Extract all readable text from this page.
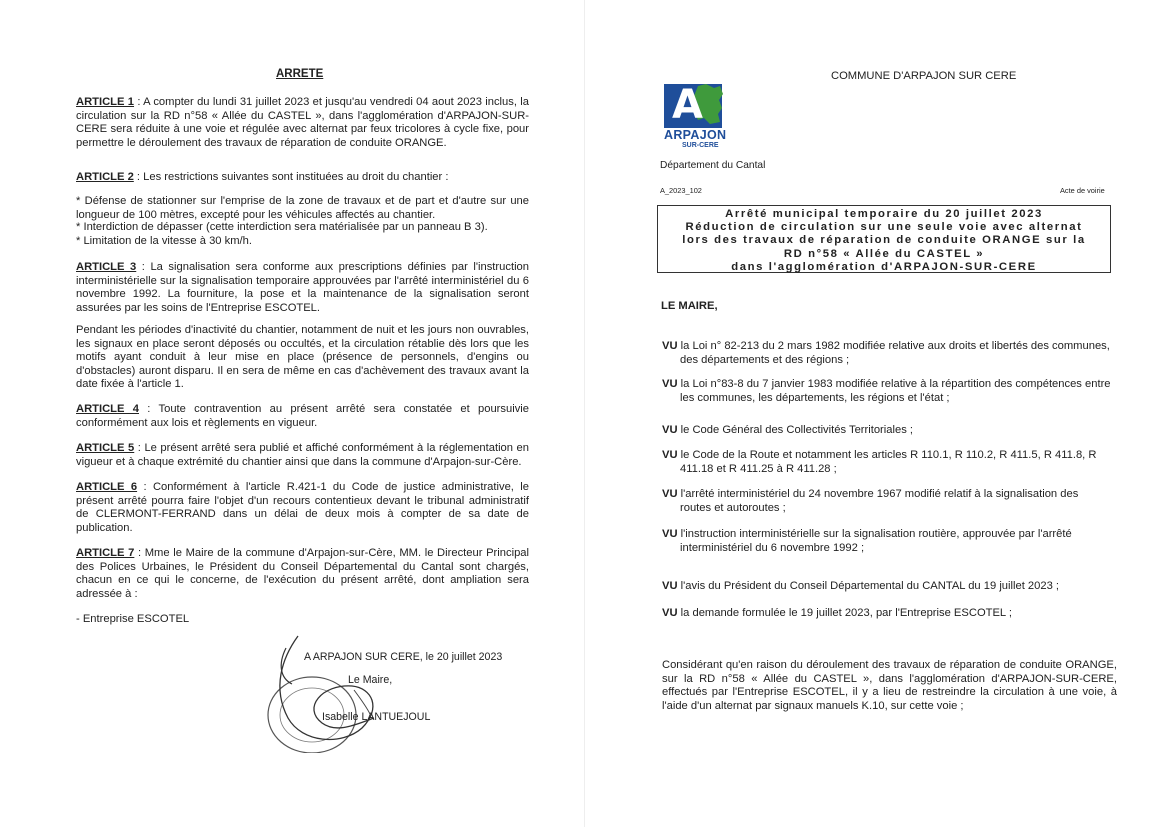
ARRETE
ARTICLE 1 : A compter du lundi 31 juillet 2023 et jusqu'au vendredi 04 aout 2023 inclus, la circulation sur la RD n°58 « Allée du CASTEL », dans l'agglomération d'ARPAJON-SUR-CERE sera réduite à une voie et régulée avec alternat par feux tricolores à cycle fixe, pour permettre le déroulement des travaux de réparation de conduite ORANGE.
ARTICLE 2 : Les restrictions suivantes sont instituées au droit du chantier :
* Défense de stationner sur l'emprise de la zone de travaux et de part et d'autre sur une longueur de 100 mètres, excepté pour les véhicules affectés au chantier.
* Interdiction de dépasser (cette interdiction sera matérialisée par un panneau B 3).
* Limitation de la vitesse à 30 km/h.
ARTICLE 3 : La signalisation sera conforme aux prescriptions définies par l'instruction interministérielle sur la signalisation temporaire approuvées par l'arrêté interministériel du 6 novembre 1992. La fourniture, la pose et la maintenance de la signalisation seront assurées par les soins de l'Entreprise ESCOTEL.
Pendant les périodes d'inactivité du chantier, notamment de nuit et les jours non ouvrables, les signaux en place seront déposés ou occultés, et la circulation rétablie dès lors que les motifs ayant conduit à leur mise en place (présence de personnels, d'engins ou d'obstacles) auront disparu. Il en sera de même en cas d'achèvement des travaux avant la date fixée à l'article 1.
ARTICLE 4 : Toute contravention au présent arrêté sera constatée et poursuivie conformément aux lois et règlements en vigueur.
ARTICLE 5 : Le présent arrêté sera publié et affiché conformément à la réglementation en vigueur et à chaque extrémité du chantier ainsi que dans la commune d'Arpajon-sur-Cère.
ARTICLE 6 : Conformément à l'article R.421-1 du Code de justice administrative, le présent arrêté pourra faire l'objet d'un recours contentieux devant le tribunal administratif de CLERMONT-FERRAND dans un délai de deux mois à compter de sa date de publication.
ARTICLE 7 : Mme le Maire de la commune d'Arpajon-sur-Cère, MM. le Directeur Principal des Polices Urbaines, le Président du Conseil Départemental du Cantal sont chargés, chacun en ce qui le concerne, de l'exécution du présent arrêté, dont ampliation sera adressée à :
- Entreprise ESCOTEL
A ARPAJON SUR CERE, le 20 juillet 2023
Le Maire,
Isabelle LANTUEJOUL
COMMUNE D'ARPAJON SUR CERE
A
ARPAJON
SUR-CERE
Département du Cantal
A_2023_102	Acte de voirie
Arrêté municipal temporaire du 20 juillet 2023
Réduction de circulation sur une seule voie avec alternat
lors des travaux de réparation de conduite ORANGE sur la
RD n°58 « Allée du CASTEL »
dans l'agglomération d'ARPAJON-SUR-CERE
LE MAIRE,
VU la Loi n° 82-213 du 2 mars 1982 modifiée relative aux droits et libertés des communes,
des départements et des régions ;
VU la Loi n°83-8 du 7 janvier 1983 modifiée relative à la répartition des compétences entre
les communes, les départements, les régions et l'état ;
VU le Code Général des Collectivités Territoriales ;
VU le Code de la Route et notamment les articles R 110.1, R 110.2, R 411.5, R 411.8, R
411.18 et R 411.25 à R 411.28 ;
VU l'arrêté interministériel du 24 novembre 1967 modifié relatif à la signalisation des
routes et autoroutes ;
VU l'instruction interministérielle sur la signalisation routière, approuvée par l'arrêté
interministériel du 6 novembre 1992 ;
VU l'avis du Président du Conseil Départemental du CANTAL du 19 juillet 2023 ;
VU la demande formulée le 19 juillet 2023, par l'Entreprise ESCOTEL ;
Considérant qu'en raison du déroulement des travaux de réparation de conduite ORANGE, sur la RD n°58 « Allée du CASTEL », dans l'agglomération d'ARPAJON-SUR-CERE, effectués par l'Entreprise ESCOTEL, il y a lieu de restreindre la circulation à une voie, à l'aide d'un alternat par signaux manuels K.10, sur cette voie ;
